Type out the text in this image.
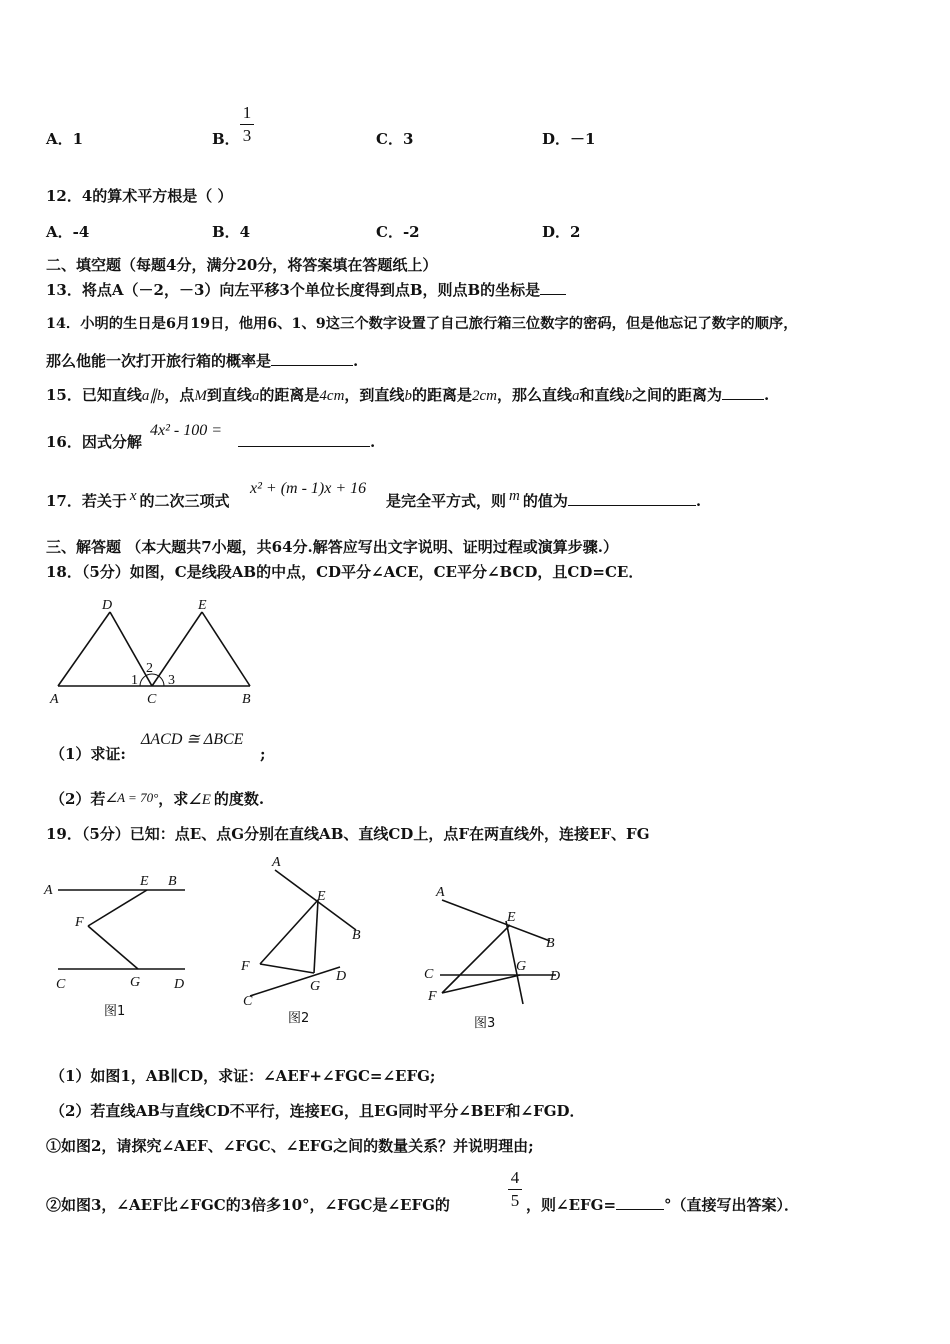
A．1	B．
1
3	C．3	D．－1
12．4的算术平方根是（ ）
A．-4	B．4	C．-2	D．2
二、填空题（每题4分，满分20分，将答案填在答题纸上）
13．将点A（－2，－3）向左平移3个单位长度得到点B，则点B的坐标是
14．小明的生日是6月19日，他用6、1、9这三个数字设置了自己旅行箱三位数字的密码，但是他忘记了数字的顺序，
那么他能一次打开旅行箱的概率是	.
15．已知直线a∥b，点M到直线a的距离是4cm，到直线b的距离是2cm，那么直线a和直线b之间的距离为	.
16．因式分解
4x² - 100 =
.
17．若关于 x 的二次三项式
x² + (m - 1)x + 16
是完全平方式，则 m 的值为	.
三、解答题 （本大题共7小题，共64分.解答应写出文字说明、证明过程或演算步骤.）
18．（5分）如图，C是线段AB的中点，CD平分∠ACE，CE平分∠BCD，且CD=CE．
D	E
A	C	B
1
2
3
（1）求证:
ΔACD ≅ ΔBCE
;
（2）若∠A = 70°，求∠E 的度数.
19．（5分）已知：点E、点G分别在直线AB、直线CD上，点F在两直线外，连接EF、FG
A
E B
F
C	G D
图1
A
E
B
F
G
D
C
图2
A
E
B
C
G
D
F
图3
（1）如图1，AB∥CD，求证：∠AEF+∠FGC=∠EFG;
（2）若直线AB与直线CD不平行，连接EG，且EG同时平分∠BEF和∠FGD．
①如图2，请探究∠AEF、∠FGC、∠EFG之间的数量关系？并说明理由;
②如图3，∠AEF比∠FGC的3倍多10°，∠FGC是∠EFG的
4
5 ，则∠EFG=	°（直接写出答案）．
